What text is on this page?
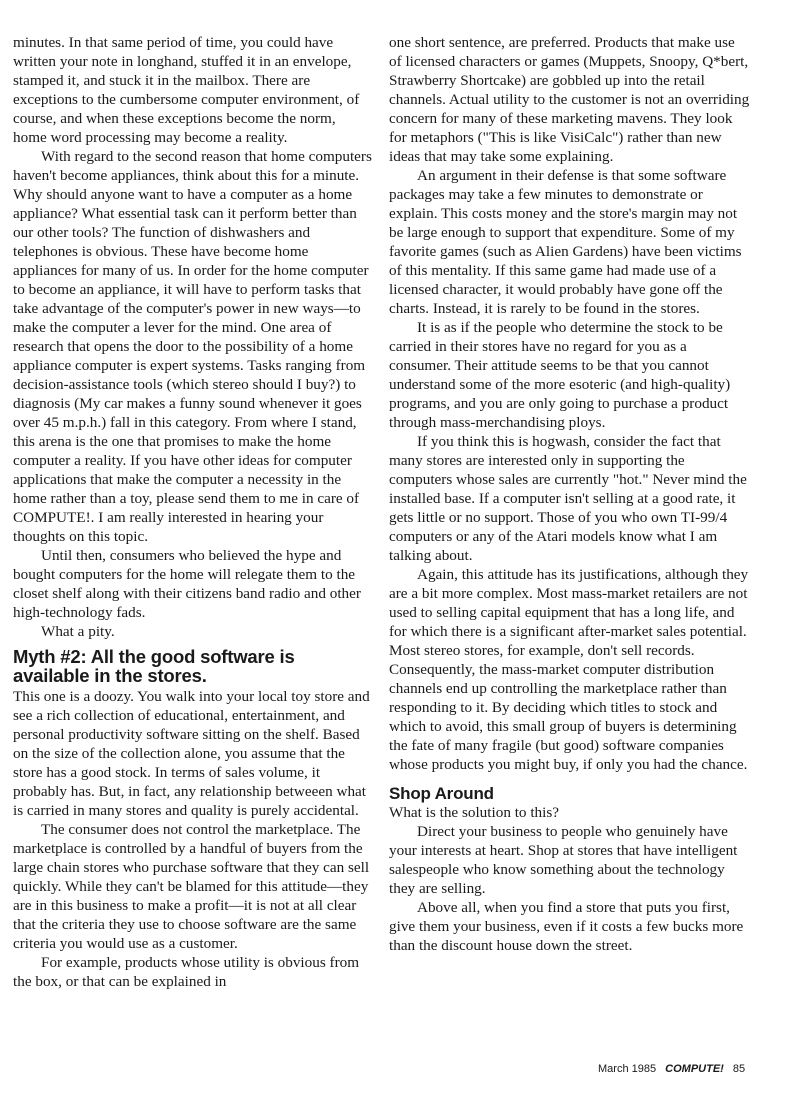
minutes. In that same period of time, you could have written your note in longhand, stuffed it in an envelope, stamped it, and stuck it in the mailbox. There are exceptions to the cumbersome computer environment, of course, and when these exceptions become the norm, home word processing may become a reality.

With regard to the second reason that home computers haven't become appliances, think about this for a minute. Why should anyone want to have a computer as a home appliance? What essential task can it perform better than our other tools? The function of dishwashers and telephones is obvious. These have become home appliances for many of us. In order for the home computer to become an appliance, it will have to perform tasks that take advantage of the computer's power in new ways—to make the computer a lever for the mind. One area of research that opens the door to the possibility of a home appliance computer is expert systems. Tasks ranging from decision-assistance tools (which stereo should I buy?) to diagnosis (My car makes a funny sound whenever it goes over 45 m.p.h.) fall in this category. From where I stand, this arena is the one that promises to make the home computer a reality. If you have other ideas for computer applications that make the computer a necessity in the home rather than a toy, please send them to me in care of COMPUTE!. I am really interested in hearing your thoughts on this topic.

Until then, consumers who believed the hype and bought computers for the home will relegate them to the closet shelf along with their citizens band radio and other high-technology fads.

What a pity.

Myth #2: All the good software is available in the stores.

This one is a doozy. You walk into your local toy store and see a rich collection of educational, entertainment, and personal productivity software sitting on the shelf. Based on the size of the collection alone, you assume that the store has a good stock. In terms of sales volume, it probably has. But, in fact, any relationship betweeen what is carried in many stores and quality is purely accidental.

The consumer does not control the marketplace. The marketplace is controlled by a handful of buyers from the large chain stores who purchase software that they can sell quickly. While they can't be blamed for this attitude—they are in this business to make a profit—it is not at all clear that the criteria they use to choose software are the same criteria you would use as a customer.

For example, products whose utility is obvious from the box, or that can be explained in

one short sentence, are preferred. Products that make use of licensed characters or games (Muppets, Snoopy, Q*bert, Strawberry Shortcake) are gobbled up into the retail channels. Actual utility to the customer is not an overriding concern for many of these marketing mavens. They look for metaphors ("This is like VisiCalc") rather than new ideas that may take some explaining.

An argument in their defense is that some software packages may take a few minutes to demonstrate or explain. This costs money and the store's margin may not be large enough to support that expenditure. Some of my favorite games (such as Alien Gardens) have been victims of this mentality. If this same game had made use of a licensed character, it would probably have gone off the charts. Instead, it is rarely to be found in the stores.

It is as if the people who determine the stock to be carried in their stores have no regard for you as a consumer. Their attitude seems to be that you cannot understand some of the more esoteric (and high-quality) programs, and you are only going to purchase a product through mass-merchandising ploys.

If you think this is hogwash, consider the fact that many stores are interested only in supporting the computers whose sales are currently "hot." Never mind the installed base. If a computer isn't selling at a good rate, it gets little or no support. Those of you who own TI-99/4 computers or any of the Atari models know what I am talking about.

Again, this attitude has its justifications, although they are a bit more complex. Most mass-market retailers are not used to selling capital equipment that has a long life, and for which there is a significant after-market sales potential. Most stereo stores, for example, don't sell records. Consequently, the mass-market computer distribution channels end up controlling the marketplace rather than responding to it. By deciding which titles to stock and which to avoid, this small group of buyers is determining the fate of many fragile (but good) software companies whose products you might buy, if only you had the chance.

Shop Around

What is the solution to this?

Direct your business to people who genuinely have your interests at heart. Shop at stores that have intelligent salespeople who know something about the technology they are selling.

Above all, when you find a store that puts you first, give them your business, even if it costs a few bucks more than the discount house down the street.

March 1985 COMPUTE! 85
